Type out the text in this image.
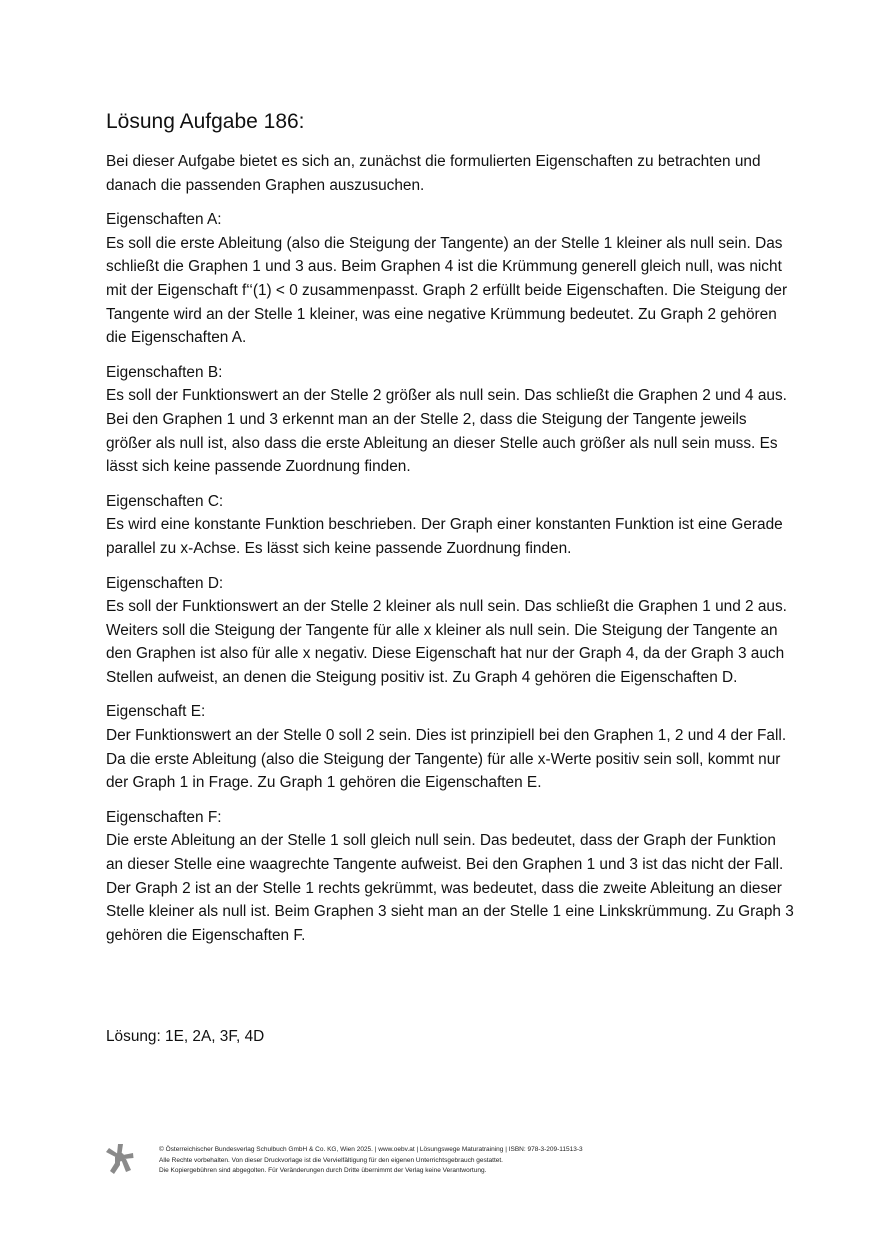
Lösung Aufgabe 186:

Bei dieser Aufgabe bietet es sich an, zunächst die formulierten Eigenschaften zu betrachten und danach die passenden Graphen auszusuchen.

Eigenschaften A:
Es soll die erste Ableitung (also die Steigung der Tangente) an der Stelle 1 kleiner als null sein. Das schließt die Graphen 1 und 3 aus. Beim Graphen 4 ist die Krümmung generell gleich null, was nicht mit der Eigenschaft f‘‘(1) < 0 zusammenpasst. Graph 2 erfüllt beide Eigenschaften. Die Steigung der Tangente wird an der Stelle 1 kleiner, was eine negative Krümmung bedeutet. Zu Graph 2 gehören die Eigenschaften A.
Eigenschaften B:
Es soll der Funktionswert an der Stelle 2 größer als null sein. Das schließt die Graphen 2 und 4 aus. Bei den Graphen 1 und 3 erkennt man an der Stelle 2, dass die Steigung der Tangente jeweils größer als null ist, also dass die erste Ableitung an dieser Stelle auch größer als null sein muss. Es lässt sich keine passende Zuordnung finden.
Eigenschaften C:
Es wird eine konstante Funktion beschrieben. Der Graph einer konstanten Funktion ist eine Gerade parallel zu x-Achse. Es lässt sich keine passende Zuordnung finden.
Eigenschaften D:
Es soll der Funktionswert an der Stelle 2 kleiner als null sein. Das schließt die Graphen 1 und 2 aus. Weiters soll die Steigung der Tangente für alle x kleiner als null sein. Die Steigung der Tangente an den Graphen ist also für alle x negativ. Diese Eigenschaft hat nur der Graph 4, da der Graph 3 auch Stellen aufweist, an denen die Steigung positiv ist. Zu Graph 4 gehören die Eigenschaften D.
Eigenschaft E:
Der Funktionswert an der Stelle 0 soll 2 sein. Dies ist prinzipiell bei den Graphen 1, 2 und 4 der Fall. Da die erste Ableitung (also die Steigung der Tangente) für alle x-Werte positiv sein soll, kommt nur der Graph 1 in Frage. Zu Graph 1 gehören die Eigenschaften E.
Eigenschaften F:
Die erste Ableitung an der Stelle 1 soll gleich null sein. Das bedeutet, dass der Graph der Funktion an dieser Stelle eine waagrechte Tangente aufweist. Bei den Graphen 1 und 3 ist das nicht der Fall. Der Graph 2 ist an der Stelle 1 rechts gekrümmt, was bedeutet, dass die zweite Ableitung an dieser Stelle kleiner als null ist. Beim Graphen 3 sieht man an der Stelle 1 eine Linkskrümmung. Zu Graph 3 gehören die Eigenschaften F.

Lösung: 1E, 2A, 3F, 4D

© Österreichischer Bundesverlag Schulbuch GmbH & Co. KG, Wien 2025. | www.oebv.at | Lösungswege Maturatraining | ISBN: 978-3-209-11513-3
Alle Rechte vorbehalten. Von dieser Druckvorlage ist die Vervielfältigung für den eigenen Unterrichtsgebrauch gestattet.
Die Kopiergebühren sind abgegolten. Für Veränderungen durch Dritte übernimmt der Verlag keine Verantwortung.
